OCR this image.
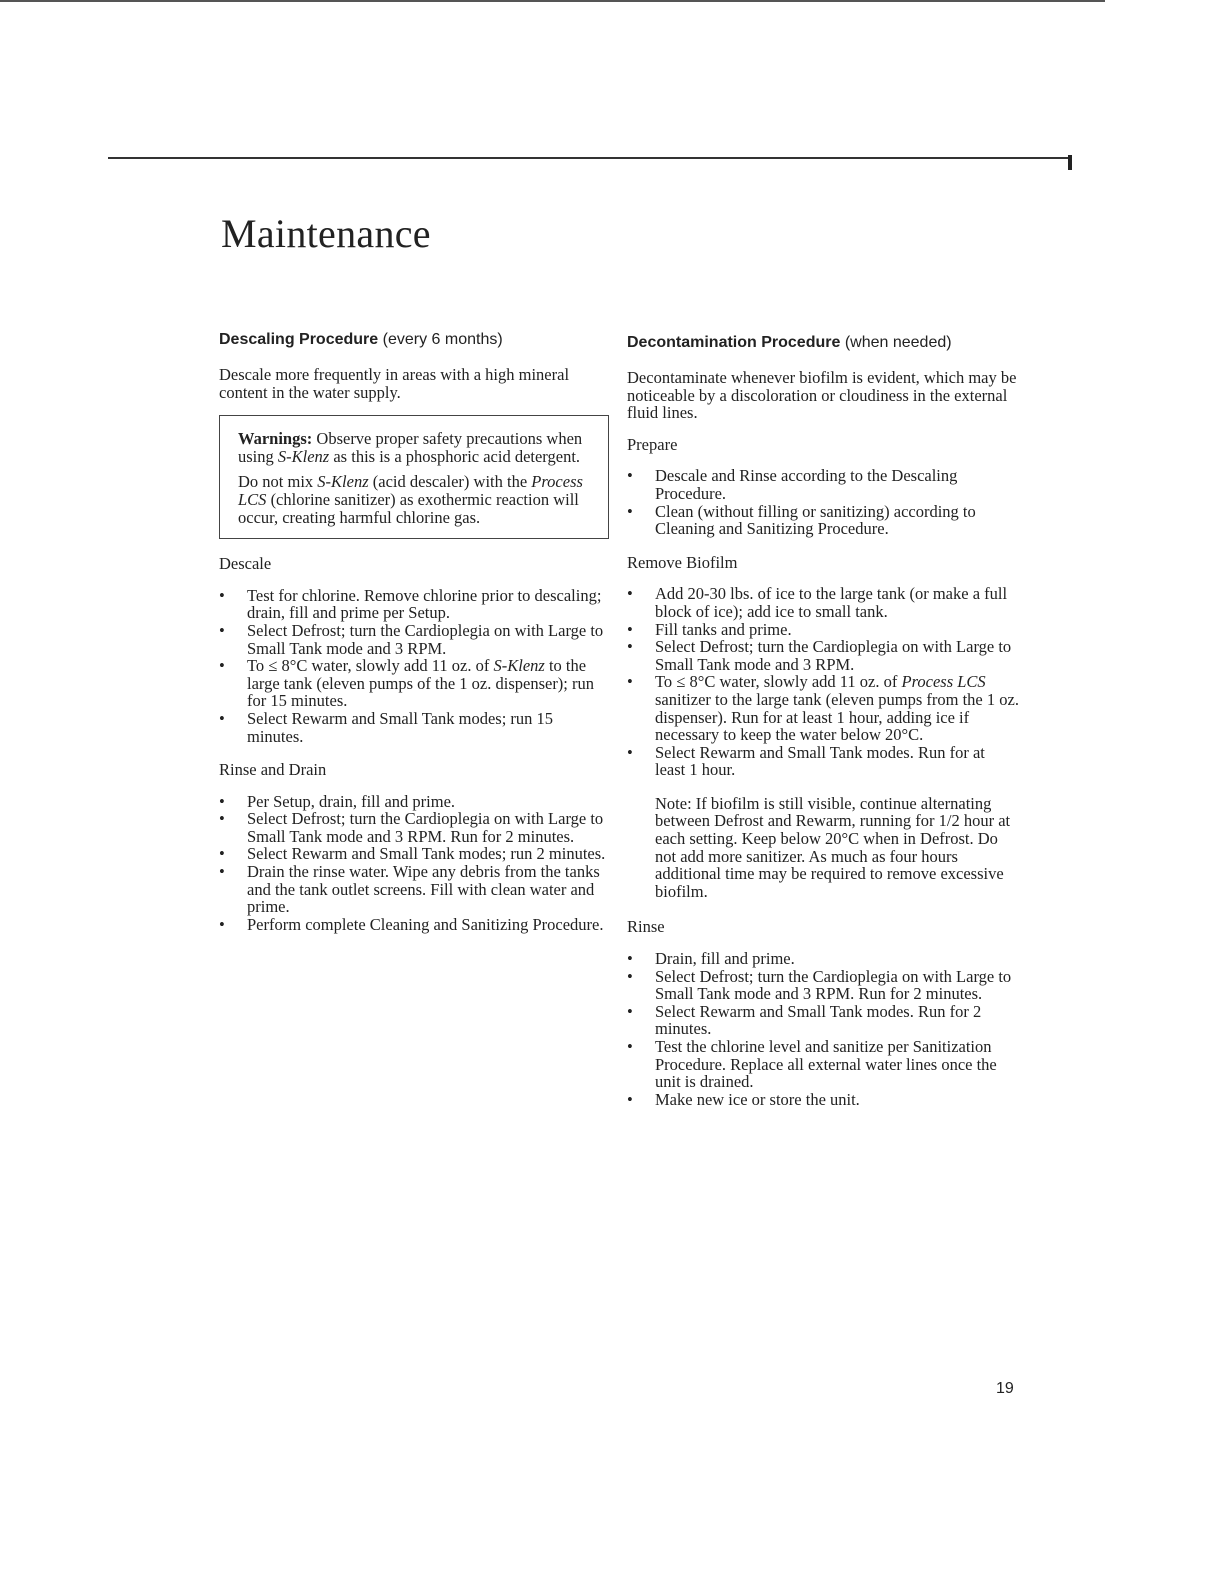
Maintenance
Descaling Procedure (every 6 months)

Descale more frequently in areas with a high mineral content in the water supply.

Warnings: Observe proper safety precautions when using S-Klenz as this is a phosphoric acid detergent.

Do not mix S-Klenz (acid descaler) with the Process LCS (chlorine sanitizer) as exothermic reaction will occur, creating harmful chlorine gas.

Descale

• Test for chlorine. Remove chlorine prior to descaling; drain, fill and prime per Setup.
• Select Defrost; turn the Cardioplegia on with Large to Small Tank mode and 3 RPM.
• To ≤ 8°C water, slowly add 11 oz. of S-Klenz to the large tank (eleven pumps of the 1 oz. dispenser); run for 15 minutes.
• Select Rewarm and Small Tank modes; run 15 minutes.

Rinse and Drain

• Per Setup, drain, fill and prime.
• Select Defrost; turn the Cardioplegia on with Large to Small Tank mode and 3 RPM. Run for 2 minutes.
• Select Rewarm and Small Tank modes; run 2 minutes.
• Drain the rinse water. Wipe any debris from the tanks and the tank outlet screens. Fill with clean water and prime.
• Perform complete Cleaning and Sanitizing Procedure.
Decontamination Procedure (when needed)

Decontaminate whenever biofilm is evident, which may be noticeable by a discoloration or cloudiness in the external fluid lines.

Prepare

• Descale and Rinse according to the Descaling Procedure.
• Clean (without filling or sanitizing) according to Cleaning and Sanitizing Procedure.

Remove Biofilm

• Add 20-30 lbs. of ice to the large tank (or make a full block of ice); add ice to small tank.
• Fill tanks and prime.
• Select Defrost; turn the Cardioplegia on with Large to Small Tank mode and 3 RPM.
• To ≤ 8°C water, slowly add 11 oz. of Process LCS sanitizer to the large tank (eleven pumps from the 1 oz. dispenser). Run for at least 1 hour, adding ice if necessary to keep the water below 20°C.
• Select Rewarm and Small Tank modes. Run for at least 1 hour.

Note: If biofilm is still visible, continue alternating between Defrost and Rewarm, running for 1/2 hour at each setting. Keep below 20°C when in Defrost. Do not add more sanitizer. As much as four hours additional time may be required to remove excessive biofilm.

Rinse

• Drain, fill and prime.
• Select Defrost; turn the Cardioplegia on with Large to Small Tank mode and 3 RPM. Run for 2 minutes.
• Select Rewarm and Small Tank modes. Run for 2 minutes.
• Test the chlorine level and sanitize per Sanitization Procedure. Replace all external water lines once the unit is drained.
• Make new ice or store the unit.
19
